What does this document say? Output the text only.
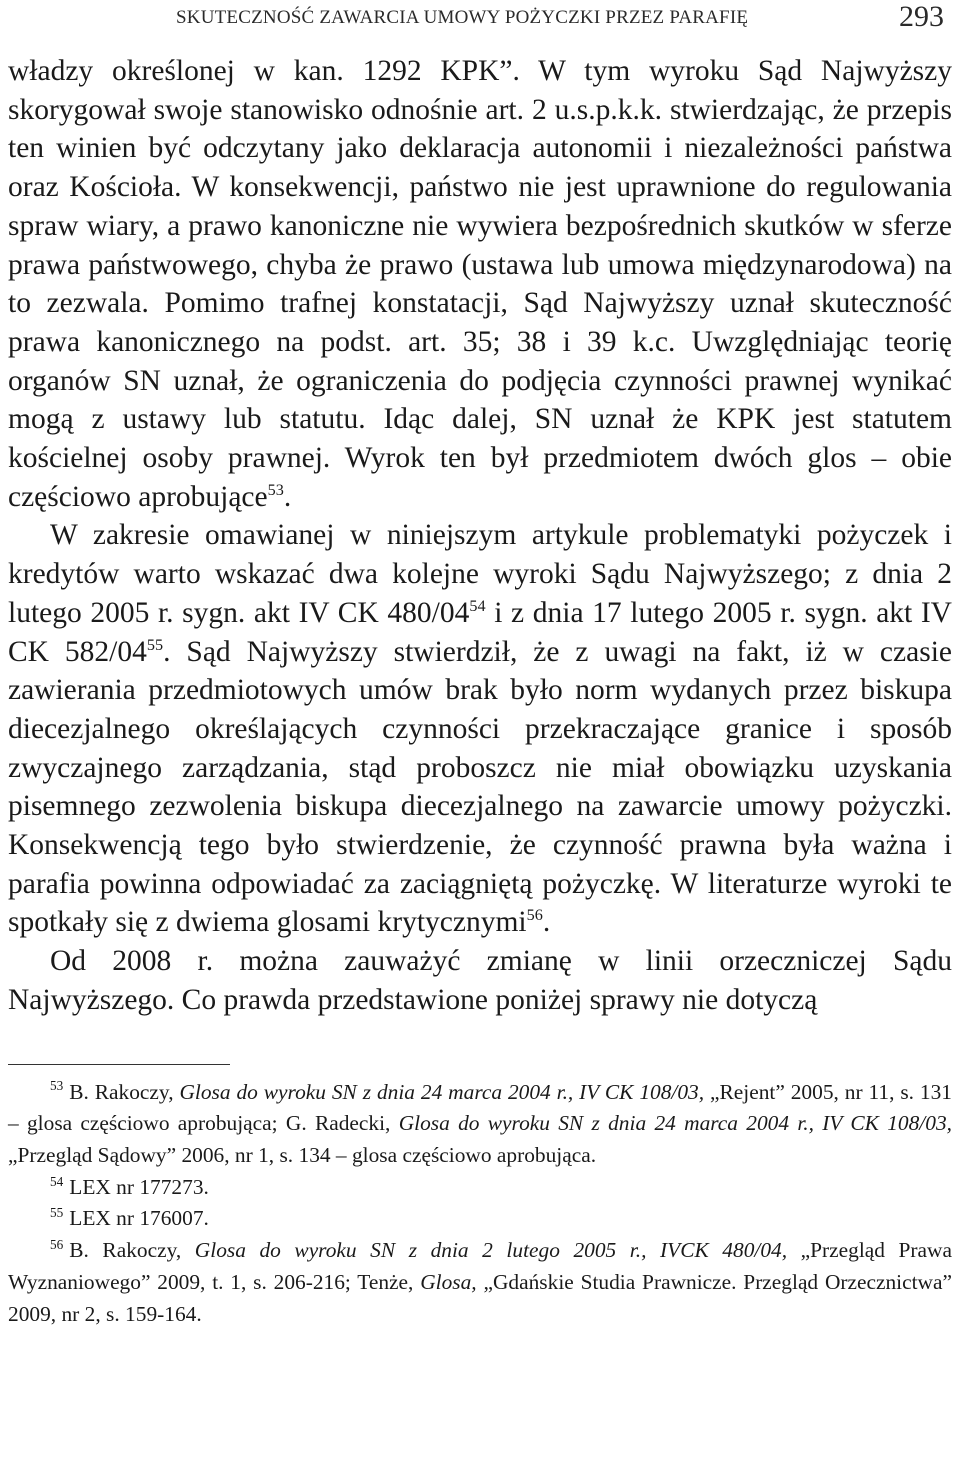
SKUTECZNOŚĆ ZAWARCIA UMOWY POŻYCZKI PRZEZ PARAFIĘ	293

władzy określonej w kan. 1292 KPK”. W tym wyroku Sąd Najwyższy skorygował swoje stanowisko odnośnie art. 2 u.s.p.k.k. stwierdzając, że przepis ten winien być odczytany jako deklaracja autonomii i niezależności państwa oraz Kościoła. W konsekwencji, państwo nie jest uprawnione do regulowania spraw wiary, a prawo kanoniczne nie wywiera bezpośrednich skutków w sferze prawa państwowego, chyba że prawo (ustawa lub umowa międzynarodowa) na to zezwala. Pomimo trafnej konstatacji, Sąd Najwyższy uznał skuteczność prawa kanonicznego na podst. art. 35; 38 i 39 k.c. Uwzględniając teorię organów SN uznał, że ograniczenia do podjęcia czynności prawnej wynikać mogą z ustawy lub statutu. Idąc dalej, SN uznał że KPK jest statutem kościelnej osoby prawnej. Wyrok ten był przedmiotem dwóch glos – obie częściowo aprobujące$^{53}$.

W zakresie omawianej w niniejszym artykule problematyki pożyczek i kredytów warto wskazać dwa kolejne wyroki Sądu Najwyższego; z dnia 2 lutego 2005 r. sygn. akt IV CK $480/04^{54}$ i z dnia 17 lutego 2005 r. sygn. akt IV CK $582/04^{55}$. Sąd Najwyższy stwierdził, że z uwagi na fakt, iż w czasie zawierania przedmiotowych umów brak było norm wydanych przez biskupa diecezjalnego określających czynności przekraczające granice i sposób zwyczajnego zarządzania, stąd proboszcz nie miał obowiązku uzyskania pisemnego zezwolenia biskupa diecezjalnego na zawarcie umowy pożyczki. Konsekwencją tego było stwierdzenie, że czynność prawna była ważna i parafia powinna odpowiadać za zaciągniętą pożyczkę. W literaturze wyroki te spotkały się z dwiema glosami krytycznymi$^{56}$.

Od 2008 r. można zauważyć zmianę w linii orzeczniczej Sądu Najwyższego. Co prawda przedstawione poniżej sprawy nie dotyczą

$^{53}$ B. Rakoczy, Glosa do wyroku SN z dnia 24 marca 2004 r., IV CK 108/03, „Rejent” 2005, nr 11, s. 131 – glosa częściowo aprobująca; G. Radecki, Glosa do wyroku SN z dnia 24 marca 2004 r., IV CK 108/03, „Przegląd Sądowy” 2006, nr 1, s. 134 – glosa częściowo aprobująca.

$^{54}$ LEX nr 177273.

$^{55}$ LEX nr 176007.

$^{56}$ B. Rakoczy, Glosa do wyroku SN z dnia 2 lutego 2005 r., IVCK 480/04, „Przegląd Prawa Wyznaniowego” 2009, t. 1, s. 206-216; Tenże, Glosa, „Gdańskie Studia Prawnicze. Przegląd Orzecznictwa” 2009, nr 2, s. 159-164.
